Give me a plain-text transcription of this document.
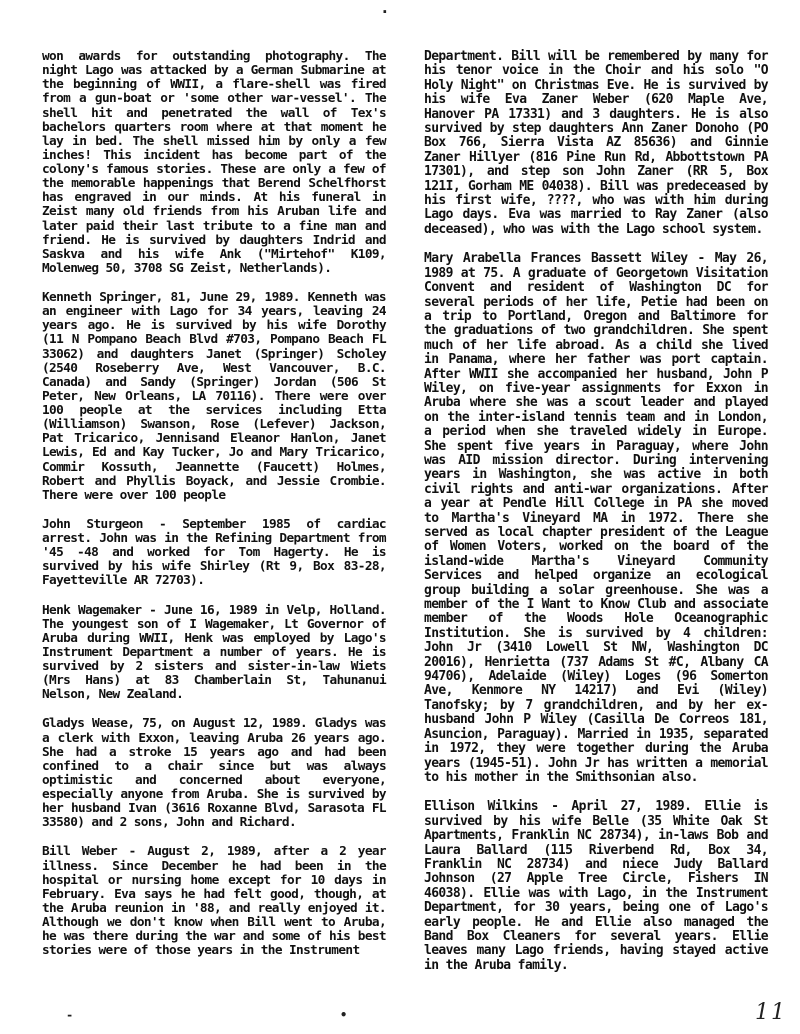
won awards for outstanding photography. The night Lago was attacked by a German Submarine at the beginning of WWII, a flare-shell was fired from a gun-boat or 'some other war-vessel'. The shell hit and penetrated the wall of Tex's bachelors quarters room where at that moment he lay in bed. The shell missed him by only a few inches! This incident has become part of the colony's famous stories. These are only a few of the memorable happenings that Berend Schelfhorst has engraved in our minds. At his funeral in Zeist many old friends from his Aruban life and later paid their last tribute to a fine man and friend. He is survived by daughters Indrid and Saskva and his wife Ank ("Mirtehof" K109, Molenweg 50, 3708 SG Zeist, Netherlands).

Kenneth Springer, 81, June 29, 1989. Kenneth was an engineer with Lago for 34 years, leaving 24 years ago. He is survived by his wife Dorothy (11 N Pompano Beach Blvd #703, Pompano Beach FL 33062) and daughters Janet (Springer) Scholey (2540 Roseberry Ave, West Vancouver, B.C. Canada) and Sandy (Springer) Jordan (506 St Peter, New Orleans, LA 70116). There were over 100 people at the services including Etta (Williamson) Swanson, Rose (Lefever) Jackson, Pat Tricarico, Jennisand Eleanor Hanlon, Janet Lewis, Ed and Kay Tucker, Jo and Mary Tricarico, Commir Kossuth, Jeannette (Faucett) Holmes, Robert and Phyllis Boyack, and Jessie Crombie. There were over 100 people

John Sturgeon - September 1985 of cardiac arrest. John was in the Refining Department from '45 -48 and worked for Tom Hagerty. He is survived by his wife Shirley (Rt 9, Box 83-28, Fayetteville AR 72703).

Henk Wagemaker - June 16, 1989 in Velp, Holland. The youngest son of I Wagemaker, Lt Governor of Aruba during WWII, Henk was employed by Lago's Instrument Department a number of years. He is survived by 2 sisters and sister-in-law Wiets (Mrs Hans) at 83 Chamberlain St, Tahunanui Nelson, New Zealand.

Gladys Wease, 75, on August 12, 1989. Gladys was a clerk with Exxon, leaving Aruba 26 years ago. She had a stroke 15 years ago and had been confined to a chair since but was always optimistic and concerned about everyone, especially anyone from Aruba. She is survived by her husband Ivan (3616 Roxanne Blvd, Sarasota FL 33580) and 2 sons, John and Richard.

Bill Weber - August 2, 1989, after a 2 year illness. Since December he had been in the hospital or nursing home except for 10 days in February. Eva says he had felt good, though, at the Aruba reunion in '88, and really enjoyed it. Although we don't know when Bill went to Aruba, he was there during the war and some of his best stories were of those years in the Instrument

Department. Bill will be remembered by many for his tenor voice in the Choir and his solo "O Holy Night" on Christmas Eve. He is survived by his wife Eva Zaner Weber (620 Maple Ave, Hanover PA 17331) and 3 daughters. He is also survived by step daughters Ann Zaner Donoho (PO Box 766, Sierra Vista AZ 85636) and Ginnie Zaner Hillyer (816 Pine Run Rd, Abbottstown PA 17301), and step son John Zaner (RR 5, Box 121I, Gorham ME 04038). Bill was predeceased by his first wife, ????, who was with him during Lago days. Eva was married to Ray Zaner (also deceased), who was with the Lago school system.

Mary Arabella Frances Bassett Wiley - May 26, 1989 at 75. A graduate of Georgetown Visitation Convent and resident of Washington DC for several periods of her life, Petie had been on a trip to Portland, Oregon and Baltimore for the graduations of two grandchildren. She spent much of her life abroad. As a child she lived in Panama, where her father was port captain. After WWII she accompanied her husband, John P Wiley, on five-year assignments for Exxon in Aruba where she was a scout leader and played on the inter-island tennis team and in London, a period when she traveled widely in Europe. She spent five years in Paraguay, where John was AID mission director. During intervening years in Washington, she was active in both civil rights and anti-war organizations. After a year at Pendle Hill College in PA she moved to Martha's Vineyard MA in 1972. There she served as local chapter president of the League of Women Voters, worked on the board of the island-wide Martha's Vineyard Community Services and helped organize an ecological group building a solar greenhouse. She was a member of the I Want to Know Club and associate member of the Woods Hole Oceanographic Institution. She is survived by 4 children: John Jr (3410 Lowell St NW, Washington DC 20016), Henrietta (737 Adams St #C, Albany CA 94706), Adelaide (Wiley) Loges (96 Somerton Ave, Kenmore NY 14217) and Evi (Wiley) Tanofsky; by 7 grandchildren, and by her ex-husband John P Wiley (Casilla De Correos 181, Asuncion, Paraguay). Married in 1935, separated in 1972, they were together during the Aruba years (1945-51). John Jr has written a memorial to his mother in the Smithsonian also.

Ellison Wilkins - April 27, 1989. Ellie is survived by his wife Belle (35 White Oak St Apartments, Franklin NC 28734), in-laws Bob and Laura Ballard (115 Riverbend Rd, Box 34, Franklin NC 28734) and niece Judy Ballard Johnson (27 Apple Tree Circle, Fishers IN 46038). Ellie was with Lago, in the Instrument Department, for 30 years, being one of Lago's early people. He and Ellie also managed the Band Box Cleaners for several years. Ellie leaves many Lago friends, having stayed active in the Aruba family.

·
•
-	11
